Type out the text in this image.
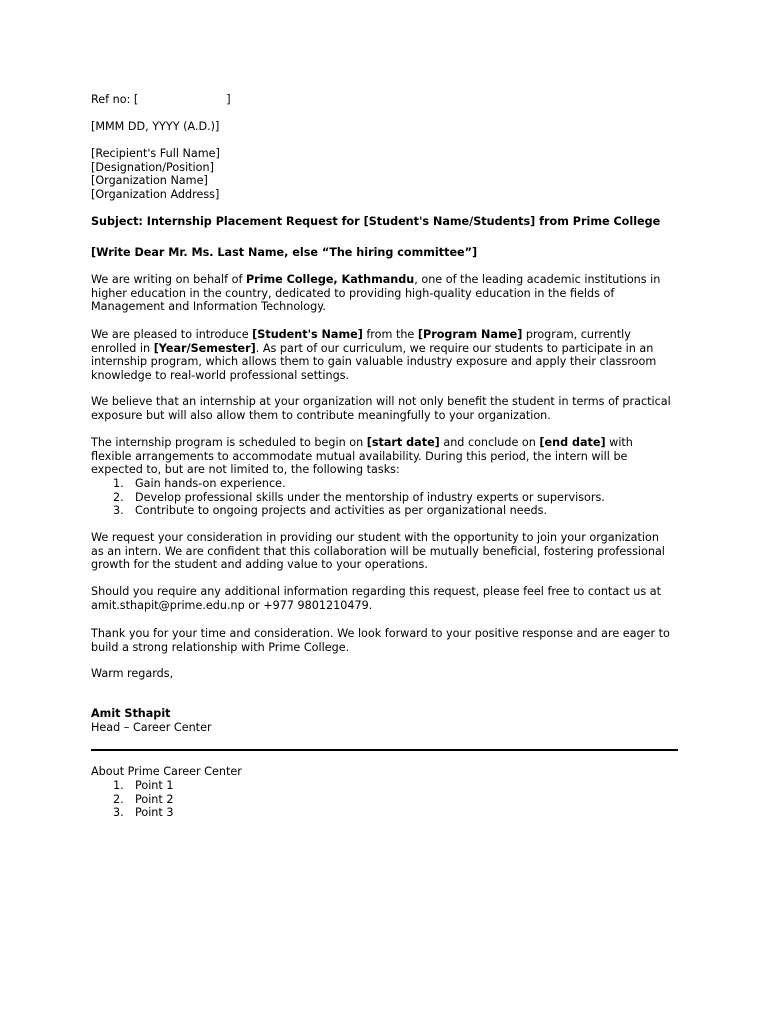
Ref no: [	]
[MMM DD, YYYY (A.D.)]
[Recipient's Full Name]
[Designation/Position]
[Organization Name]
[Organization Address]
Subject: Internship Placement Request for [Student's Name/Students] from Prime College
[Write Dear Mr. Ms. Last Name, else “The hiring committee”]
We are writing on behalf of Prime College, Kathmandu, one of the leading academic institutions in
higher education in the country, dedicated to providing high-quality education in the fields of
Management and Information Technology.
We are pleased to introduce [Student's Name] from the [Program Name] program, currently
enrolled in [Year/Semester]. As part of our curriculum, we require our students to participate in an
internship program, which allows them to gain valuable industry exposure and apply their classroom
knowledge to real-world professional settings.
We believe that an internship at your organization will not only benefit the student in terms of practical
exposure but will also allow them to contribute meaningfully to your organization.
The internship program is scheduled to begin on [start date] and conclude on [end date] with
flexible arrangements to accommodate mutual availability. During this period, the intern will be
expected to, but are not limited to, the following tasks:
1. Gain hands-on experience.
2. Develop professional skills under the mentorship of industry experts or supervisors.
3. Contribute to ongoing projects and activities as per organizational needs.
We request your consideration in providing our student with the opportunity to join your organization
as an intern. We are confident that this collaboration will be mutually beneficial, fostering professional
growth for the student and adding value to your operations.
Should you require any additional information regarding this request, please feel free to contact us at
amit.sthapit@prime.edu.np or +977 9801210479.
Thank you for your time and consideration. We look forward to your positive response and are eager to
build a strong relationship with Prime College.
Warm regards,
Amit Sthapit
Head – Career Center
About Prime Career Center
1. Point 1
2. Point 2
3. Point 3
